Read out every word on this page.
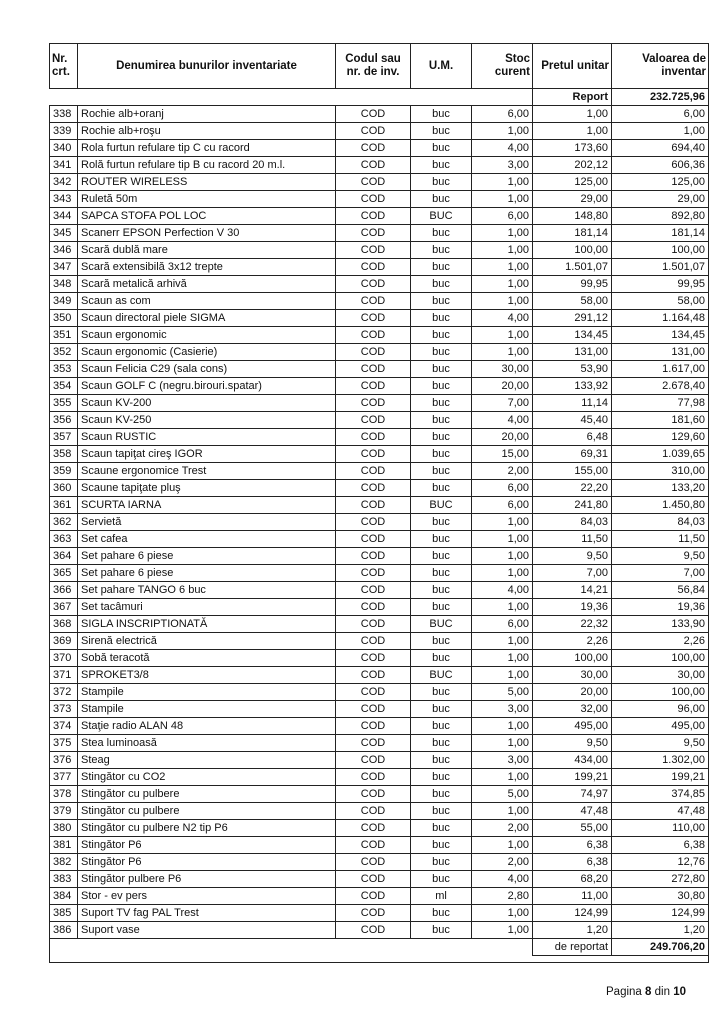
Nr. crt.	Denumirea bunurilor inventariate	Codul sau nr. de inv.	U.M.	Stoc curent	Pretul unitar	Valoarea de inventar
					Report	232.725,96
338	Rochie alb+oranj	COD	buc	6,00	1,00	6,00
339	Rochie alb+roşu	COD	buc	1,00	1,00	1,00
340	Rola furtun refulare tip C cu racord	COD	buc	4,00	173,60	694,40
341	Rolă furtun refulare tip B cu racord 20 m.l.	COD	buc	3,00	202,12	606,36
342	ROUTER WIRELESS	COD	buc	1,00	125,00	125,00
343	Ruletă 50m	COD	buc	1,00	29,00	29,00
344	SAPCA STOFA POL LOC	COD	BUC	6,00	148,80	892,80
345	Scanerr EPSON Perfection V 30	COD	buc	1,00	181,14	181,14
346	Scară dublă mare	COD	buc	1,00	100,00	100,00
347	Scară extensibilă 3x12 trepte	COD	buc	1,00	1.501,07	1.501,07
348	Scară metalică arhivă	COD	buc	1,00	99,95	99,95
349	Scaun as com	COD	buc	1,00	58,00	58,00
350	Scaun directoral piele SIGMA	COD	buc	4,00	291,12	1.164,48
351	Scaun ergonomic	COD	buc	1,00	134,45	134,45
352	Scaun ergonomic (Casierie)	COD	buc	1,00	131,00	131,00
353	Scaun Felicia C29 (sala cons)	COD	buc	30,00	53,90	1.617,00
354	Scaun GOLF C (negru.birouri.spatar)	COD	buc	20,00	133,92	2.678,40
355	Scaun KV-200	COD	buc	7,00	11,14	77,98
356	Scaun KV-250	COD	buc	4,00	45,40	181,60
357	Scaun RUSTIC	COD	buc	20,00	6,48	129,60
358	Scaun tapiţat cireş IGOR	COD	buc	15,00	69,31	1.039,65
359	Scaune ergonomice Trest	COD	buc	2,00	155,00	310,00
360	Scaune tapiţate pluş	COD	buc	6,00	22,20	133,20
361	SCURTA IARNA	COD	BUC	6,00	241,80	1.450,80
362	Servietă	COD	buc	1,00	84,03	84,03
363	Set cafea	COD	buc	1,00	11,50	11,50
364	Set pahare 6 piese	COD	buc	1,00	9,50	9,50
365	Set pahare 6 piese	COD	buc	1,00	7,00	7,00
366	Set pahare TANGO 6 buc	COD	buc	4,00	14,21	56,84
367	Set tacâmuri	COD	buc	1,00	19,36	19,36
368	SIGLA INSCRIPTIONATĂ	COD	BUC	6,00	22,32	133,90
369	Sirenă electrică	COD	buc	1,00	2,26	2,26
370	Sobă teracotă	COD	buc	1,00	100,00	100,00
371	SPROKET3/8	COD	BUC	1,00	30,00	30,00
372	Stampile	COD	buc	5,00	20,00	100,00
373	Stampile	COD	buc	3,00	32,00	96,00
374	Staţie radio ALAN 48	COD	buc	1,00	495,00	495,00
375	Stea luminoasă	COD	buc	1,00	9,50	9,50
376	Steag	COD	buc	3,00	434,00	1.302,00
377	Stingător cu CO2	COD	buc	1,00	199,21	199,21
378	Stingător cu pulbere	COD	buc	5,00	74,97	374,85
379	Stingător cu pulbere	COD	buc	1,00	47,48	47,48
380	Stingător cu pulbere N2 tip P6	COD	buc	2,00	55,00	110,00
381	Stingător P6	COD	buc	1,00	6,38	6,38
382	Stingător P6	COD	buc	2,00	6,38	12,76
383	Stingător pulbere P6	COD	buc	4,00	68,20	272,80
384	Stor - ev pers	COD	ml	2,80	11,00	30,80
385	Suport TV fag PAL Trest	COD	buc	1,00	124,99	124,99
386	Suport vase	COD	buc	1,00	1,20	1,20
					de reportat	249.706,20

Pagina 8 din 10
